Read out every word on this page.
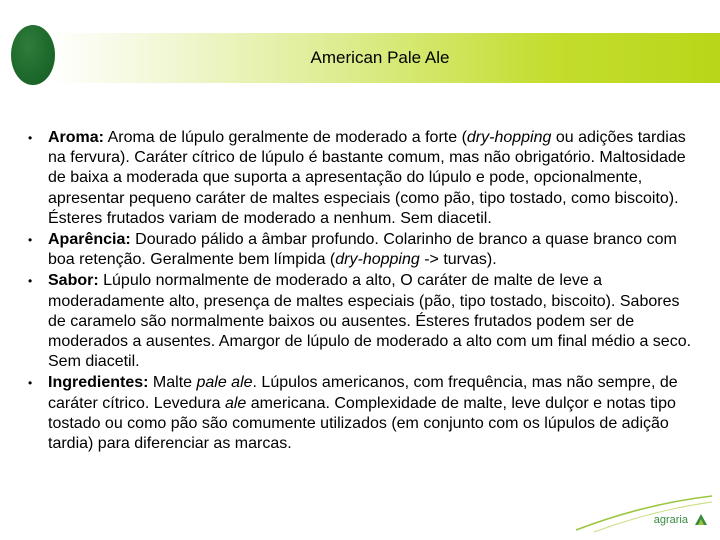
American Pale Ale
• Aroma: Aroma de lúpulo geralmente de moderado a forte (dry-hopping ou adições tardias na fervura). Caráter cítrico de lúpulo é bastante comum, mas não obrigatório. Maltosidade de baixa a moderada que suporta a apresentação do lúpulo e pode, opcionalmente, apresentar pequeno caráter de maltes especiais (como pão, tipo tostado, como biscoito). Ésteres frutados variam de moderado a nenhum. Sem diacetil.
• Aparência: Dourado pálido a âmbar profundo. Colarinho de branco a quase branco com boa retenção. Geralmente bem límpida (dry-hopping -> turvas).
• Sabor: Lúpulo normalmente de moderado a alto, O caráter de malte de leve a moderadamente alto, presença de maltes especiais (pão, tipo tostado, biscoito). Sabores de caramelo são normalmente baixos ou ausentes. Ésteres frutados podem ser de moderados a ausentes. Amargor de lúpulo de moderado a alto com um final médio a seco. Sem diacetil.
• Ingredientes: Malte pale ale. Lúpulos americanos, com frequência, mas não sempre, de caráter cítrico. Levedura ale americana. Complexidade de malte, leve dulçor e notas tipo tostado ou como pão são comumente utilizados (em conjunto com os lúpulos de adição tardia) para diferenciar as marcas.
agraria
